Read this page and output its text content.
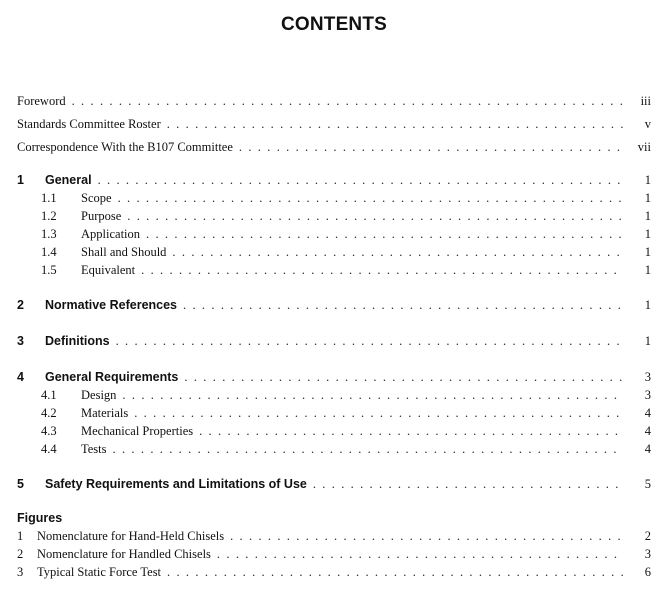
CONTENTS
Foreword . . .	iii
Standards Committee Roster . . .	v
Correspondence With the B107 Committee . . .	vii
1	General . . .	1
1.1	Scope . . .	1
1.2	Purpose . . .	1
1.3	Application . . .	1
1.4	Shall and Should . . .	1
1.5	Equivalent . . .	1
2	Normative References . . .	1
3	Definitions . . .	1
4	General Requirements . . .	3
4.1	Design . . .	3
4.2	Materials . . .	4
4.3	Mechanical Properties . . .	4
4.4	Tests . . .	4
5	Safety Requirements and Limitations of Use . . .	5
Figures
1	Nomenclature for Hand-Held Chisels . . .	2
2	Nomenclature for Handled Chisels . . .	3
3	Typical Static Force Test . . .	6
